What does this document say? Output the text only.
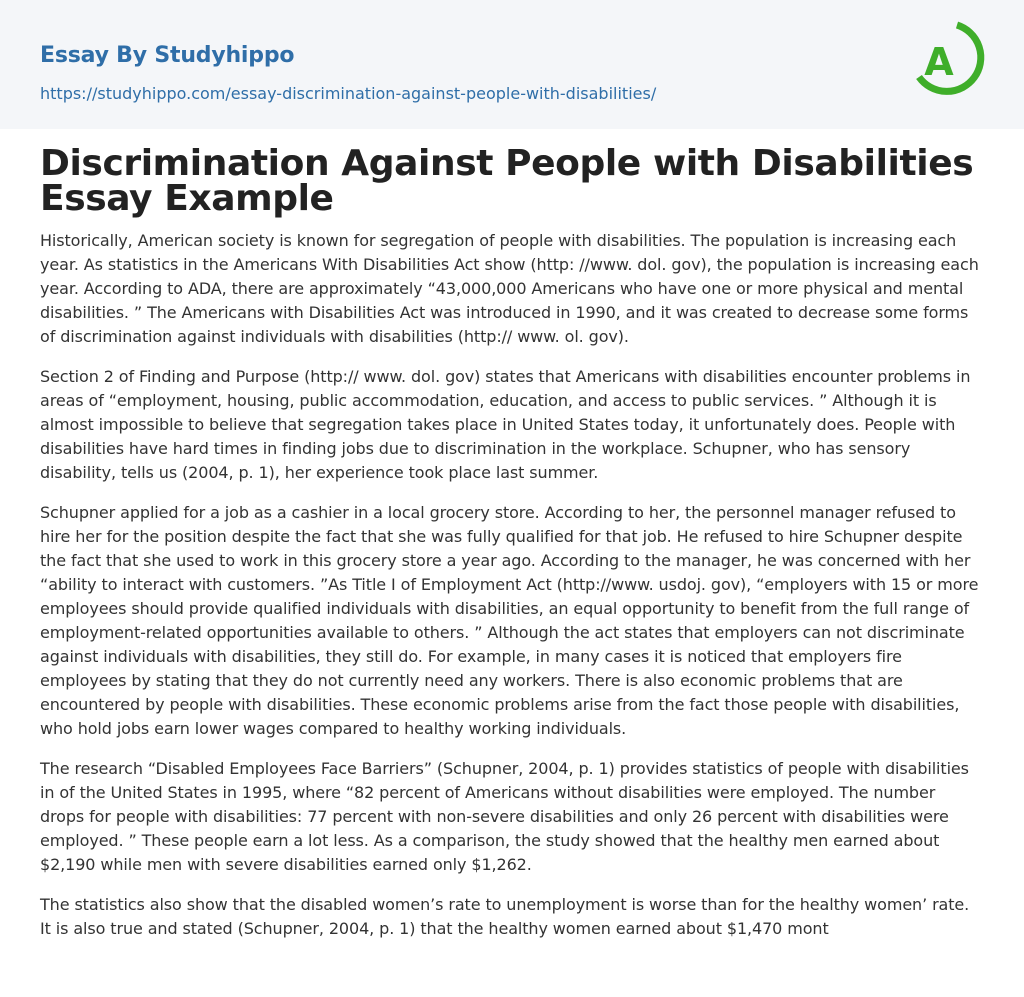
Essay By Studyhippo
https://studyhippo.com/essay-discrimination-against-people-with-disabilities/
A
Discrimination Against People with Disabilities Essay Example

Historically, American society is known for segregation of people with disabilities. The population is increasing each year. As statistics in the Americans With Disabilities Act show (http: //www. dol. gov), the population is increasing each year. According to ADA, there are approximately “43,000,000 Americans who have one or more physical and mental disabilities. ” The Americans with Disabilities Act was introduced in 1990, and it was created to decrease some forms of discrimination against individuals with disabilities (http:// www. ol. gov).

Section 2 of Finding and Purpose (http:// www. dol. gov) states that Americans with disabilities encounter problems in areas of “employment, housing, public accommodation, education, and access to public services. ” Although it is almost impossible to believe that segregation takes place in United States today, it unfortunately does. People with disabilities have hard times in finding jobs due to discrimination in the workplace. Schupner, who has sensory disability, tells us (2004, p. 1), her experience took place last summer.

Schupner applied for a job as a cashier in a local grocery store. According to her, the personnel manager refused to hire her for the position despite the fact that she was fully qualified for that job. He refused to hire Schupner despite the fact that she used to work in this grocery store a year ago. According to the manager, he was concerned with her “ability to interact with customers. ”As Title I of Employment Act (http://www. usdoj. gov), “employers with 15 or more employees should provide qualified individuals with disabilities, an equal opportunity to benefit from the full range of employment-related opportunities available to others. ” Although the act states that employers can not discriminate against individuals with disabilities, they still do. For example, in many cases it is noticed that employers fire employees by stating that they do not currently need any workers. There is also economic problems that are encountered by people with disabilities. These economic problems arise from the fact those people with disabilities, who hold jobs earn lower wages compared to healthy working individuals.

The research “Disabled Employees Face Barriers” (Schupner, 2004, p. 1) provides statistics of people with disabilities in of the United States in 1995, where “82 percent of Americans without disabilities were employed. The number drops for people with disabilities: 77 percent with non-severe disabilities and only 26 percent with disabilities were employed. ” These people earn a lot less. As a comparison, the study showed that the healthy men earned about $2,190 while men with severe disabilities earned only $1,262.

The statistics also show that the disabled women’s rate to unemployment is worse than for the healthy women’ rate. It is also true and stated (Schupner, 2004, p. 1) that the healthy women earned about $1,470 mont
